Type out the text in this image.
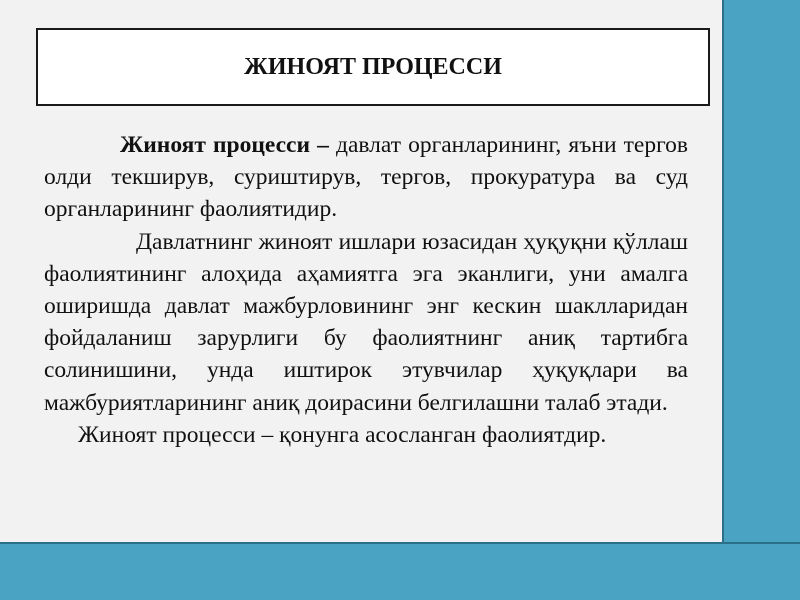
ЖИНОЯТ ПРОЦЕССИ

Жиноят процесси – давлат органларининг, яъни тергов олди текширув, суриштирув, тергов, прокуратура ва суд органларининг фаолиятидир.

Давлатнинг жиноят ишлари юзасидан ҳуқуқни қўллаш фаолиятининг алоҳида аҳамиятга эга эканлиги, уни амалга оширишда давлат мажбурловининг энг кескин шаклларидан фойдаланиш зарурлиги бу фаолиятнинг аниқ тартибга солинишини, унда иштирок этувчилар ҳуқуқлари ва мажбуриятларининг аниқ доирасини белгилашни талаб этади.

Жиноят процесси – қонунга асосланган фаолиятдир.
